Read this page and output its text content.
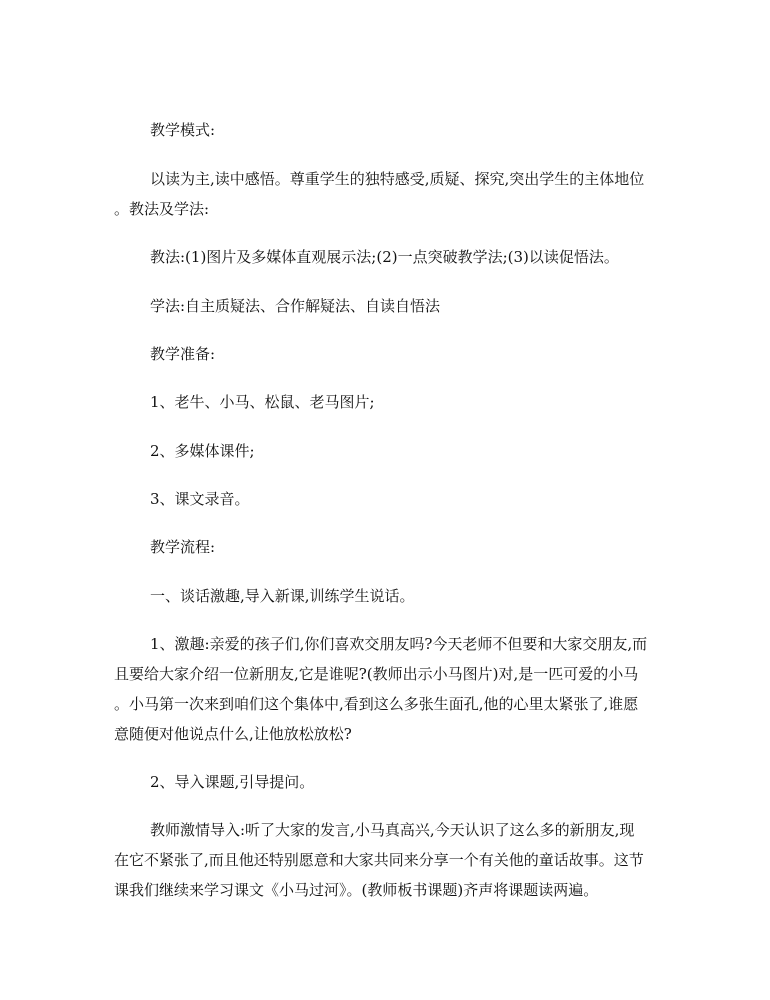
教学模式:
以读为主,读中感悟。尊重学生的独特感受,质疑、探究,突出学生的主体地位
。教法及学法:
教法:(1)图片及多媒体直观展示法;(2)一点突破教学法;(3)以读促悟法。
学法:自主质疑法、合作解疑法、自读自悟法
教学准备:
1、老牛、小马、松鼠、老马图片;
2、多媒体课件;
3、课文录音。
教学流程:
一、谈话激趣,导入新课,训练学生说话。
1、激趣:亲爱的孩子们,你们喜欢交朋友吗?今天老师不但要和大家交朋友,而
且要给大家介绍一位新朋友,它是谁呢?(教师出示小马图片)对,是一匹可爱的小马
。小马第一次来到咱们这个集体中,看到这么多张生面孔,他的心里太紧张了,谁愿
意随便对他说点什么,让他放松放松?
2、导入课题,引导提问。
教师激情导入:听了大家的发言,小马真高兴,今天认识了这么多的新朋友,现
在它不紧张了,而且他还特别愿意和大家共同来分享一个有关他的童话故事。这节
课我们继续来学习课文《小马过河》。(教师板书课题)齐声将课题读两遍。
